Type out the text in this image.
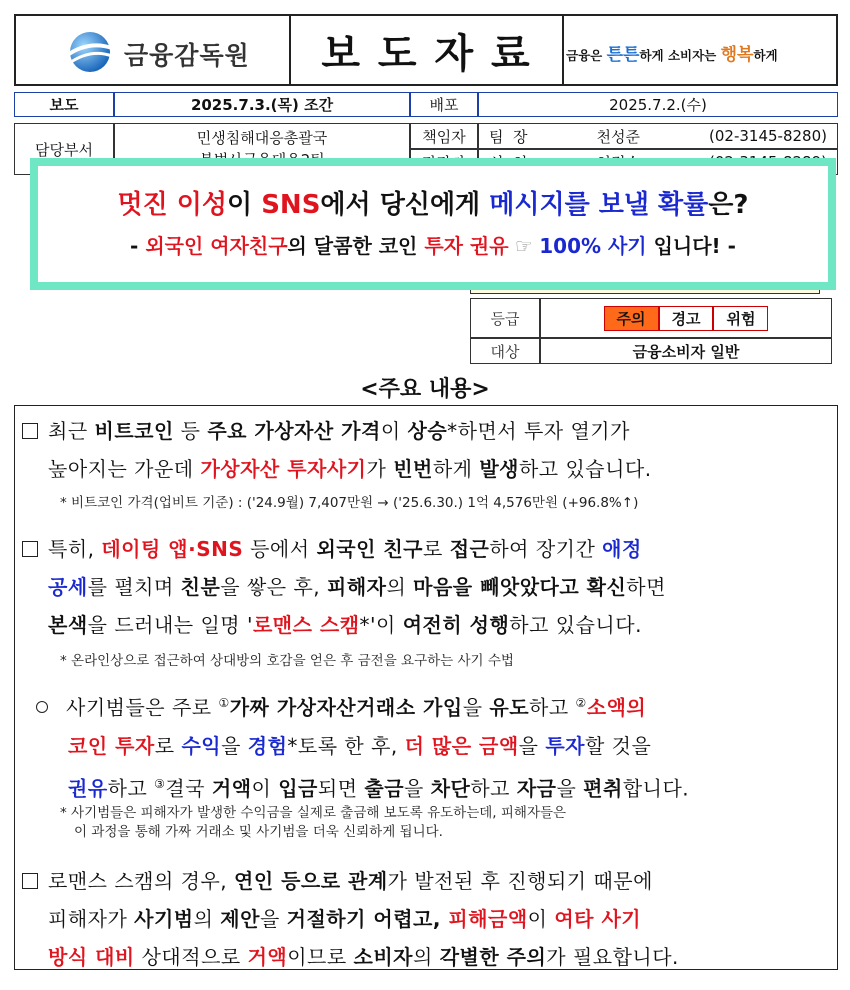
금융감독원	보 도 자 료	금융은 튼튼하게 소비자는 행복하게
보도	2025.7.3.(목) 조간	배포	2025.7.2.(수)
담당부서
민생침해대응총괄국	책임자	팀  장	천성준	(02-3145-8280)
멋진 이성이 SNS에서 당신에게 메시지를 보낼 확률은?
- 외국인 여자친구의 달콤한 코인 투자 권유 ☞ 100% 사기 입니다! -
등급	주의	경고	위험
대상	금융소비자 일반
<주요 내용>
최근 비트코인 등 주요 가상자산 가격이 상승*하면서 투자 열기가
높아지는 가운데 가상자산 투자사기가 빈번하게 발생하고 있습니다.
* 비트코인 가격(업비트 기준) : ('24.9월) 7,407만원 → ('25.6.30.) 1억 4,576만원 (+96.8%↑)
특히, 데이팅 앱·SNS 등에서 외국인 친구로 접근하여 장기간 애정
공세를 펼치며 친분을 쌓은 후, 피해자의 마음을 빼앗았다고 확신하면
본색을 드러내는 일명 '로맨스 스캠*'이 여전히 성행하고 있습니다.
* 온라인상으로 접근하여 상대방의 호감을 얻은 후 금전을 요구하는 사기 수법
사기범들은 주로 ①가짜 가상자산거래소 가입을 유도하고 ②소액의
코인 투자로 수익을 경험*토록 한 후, 더 많은 금액을 투자할 것을
권유하고 ③결국 거액이 입금되면 출금을 차단하고 자금을 편취합니다.
* 사기범들은 피해자가 발생한 수익금을 실제로 출금해 보도록 유도하는데, 피해자들은
이 과정을 통해 가짜 거래소 및 사기범을 더욱 신뢰하게 됩니다.
로맨스 스캠의 경우, 연인 등으로 관계가 발전된 후 진행되기 때문에
피해자가 사기범의 제안을 거절하기 어렵고, 피해금액이 여타 사기
방식 대비 상대적으로 거액이므로 소비자의 각별한 주의가 필요합니다.
